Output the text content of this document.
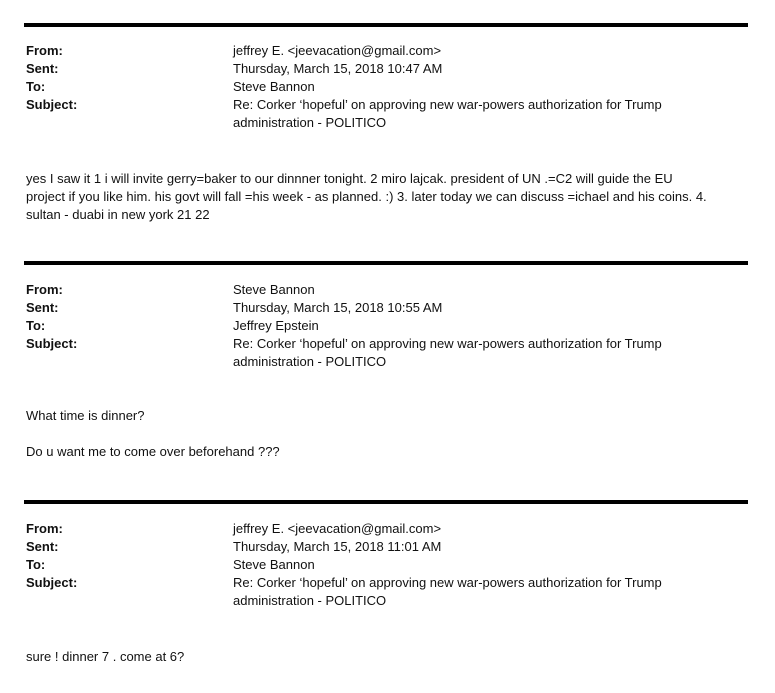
From:	jeffrey E. <jeevacation@gmail.com>
Sent:	Thursday, March 15, 2018 10:47 AM
To:	Steve Bannon
Subject:	Re: Corker ‘hopeful’ on approving new war-powers authorization for Trump
administration - POLITICO

yes I saw it 1 i will invite gerry=baker to our dinnner tonight. 2 miro lajcak. president of UN .=C2 will guide the EU

project if you like him. his govt will fall =his week - as planned. :) 3. later today we can discuss =ichael and his coins. 4.

sultan - duabi in new york 21 22

From:	Steve Bannon
Sent:	Thursday, March 15, 2018 10:55 AM
To:	Jeffrey Epstein
Subject:	Re: Corker ‘hopeful’ on approving new war-powers authorization for Trump
administration - POLITICO

What time is dinner?

Do u want me to come over beforehand ???

From:	jeffrey E. <jeevacation@gmail.com>
Sent:	Thursday, March 15, 2018 11:01 AM
To:	Steve Bannon
Subject:	Re: Corker ‘hopeful’ on approving new war-powers authorization for Trump
administration - POLITICO

sure ! dinner 7 . come at 6?
